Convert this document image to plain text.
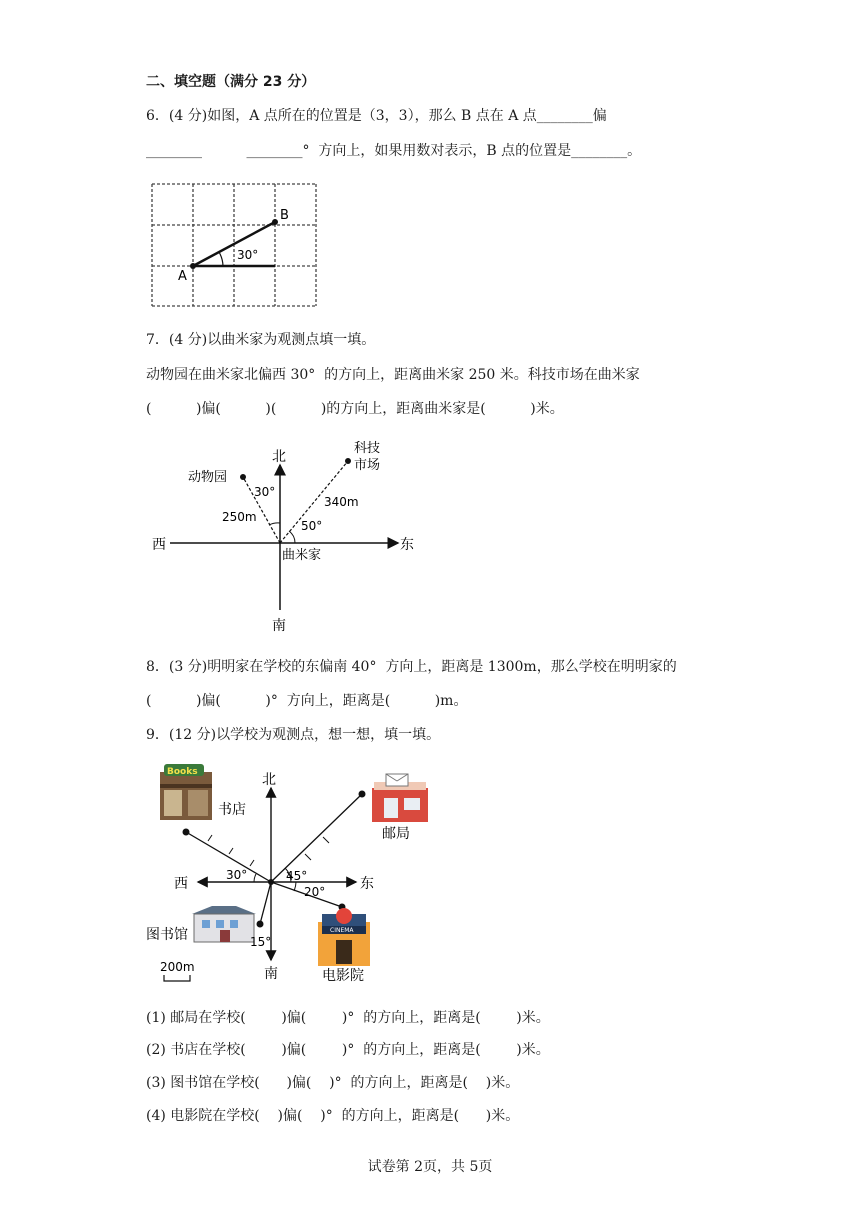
二、填空题（满分 23 分）
6．(4 分)如图，A 点所在的位置是（3，3），那么 B 点在 A 点________偏
________          ________°  方向上，如果用数对表示，B 点的位置是________。
A
B
30°
7．(4 分)以曲米家为观测点填一填。
动物园在曲米家北偏西 30°  的方向上，距离曲米家 250 米。科技市场在曲米家
(          )偏(          )(          )的方向上，距离曲米家是(          )米。
北
南
东
西
动物园
科技
市场
曲米家
30°
50°
250m
340m
8．(3 分)明明家在学校的东偏南 40°  方向上，距离是 1300m，那么学校在明明家的
(          )偏(          )°  方向上，距离是(          )m。
9．(12 分)以学校为观测点，想一想，填一填。
Books
书店
邮局
图书馆	CINEMA
电影院
北
南
东
西
30°	45°
20°
15°
200m
(1) 邮局在学校(        )偏(        )°  的方向上，距离是(        )米。
(2) 书店在学校(        )偏(        )°  的方向上，距离是(        )米。
(3) 图书馆在学校(      )偏(    )°  的方向上，距离是(    )米。
(4) 电影院在学校(    )偏(    )°  的方向上，距离是(      )米。
试卷第 2页，共 5页
